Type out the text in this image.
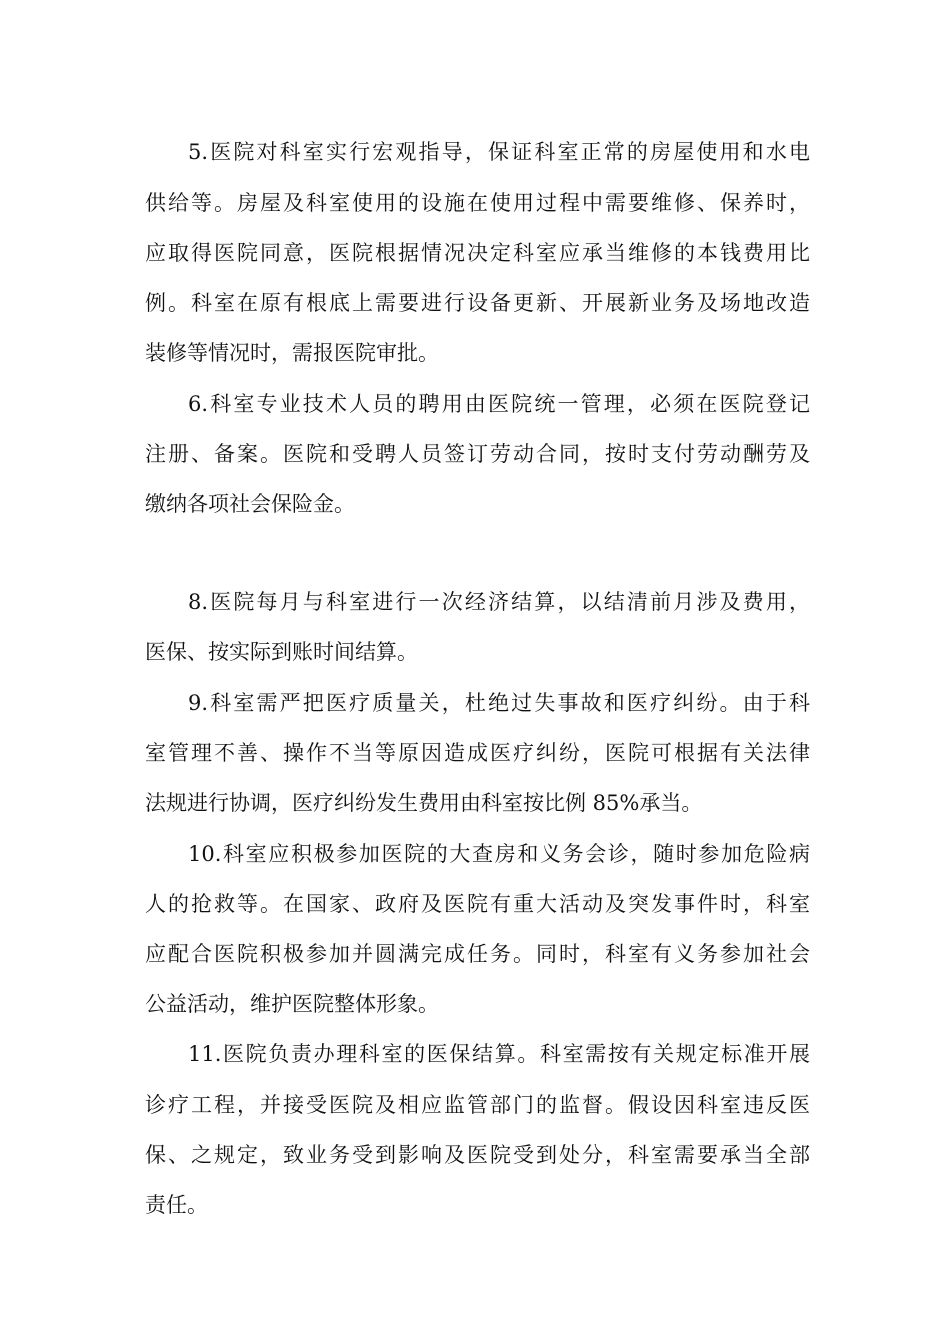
5.医院对科室实行宏观指导，保证科室正常的房屋使用和水电
供给等。房屋及科室使用的设施在使用过程中需要维修、保养时，
应取得医院同意，医院根据情况决定科室应承当维修的本钱费用比
例。科室在原有根底上需要进行设备更新、开展新业务及场地改造
装修等情况时，需报医院审批。
6.科室专业技术人员的聘用由医院统一管理，必须在医院登记
注册、备案。医院和受聘人员签订劳动合同，按时支付劳动酬劳及
缴纳各项社会保险金。
8.医院每月与科室进行一次经济结算，以结清前月涉及费用，
医保、按实际到账时间结算。
9.科室需严把医疗质量关，杜绝过失事故和医疗纠纷。由于科
室管理不善、操作不当等原因造成医疗纠纷，医院可根据有关法律
法规进行协调，医疗纠纷发生费用由科室按比例 85%承当。
10.科室应积极参加医院的大查房和义务会诊，随时参加危险病
人的抢救等。在国家、政府及医院有重大活动及突发事件时，科室
应配合医院积极参加并圆满完成任务。同时，科室有义务参加社会
公益活动，维护医院整体形象。
11.医院负责办理科室的医保结算。科室需按有关规定标准开展
诊疗工程，并接受医院及相应监管部门的监督。假设因科室违反医
保、之规定，致业务受到影响及医院受到处分，科室需要承当全部
责任。
